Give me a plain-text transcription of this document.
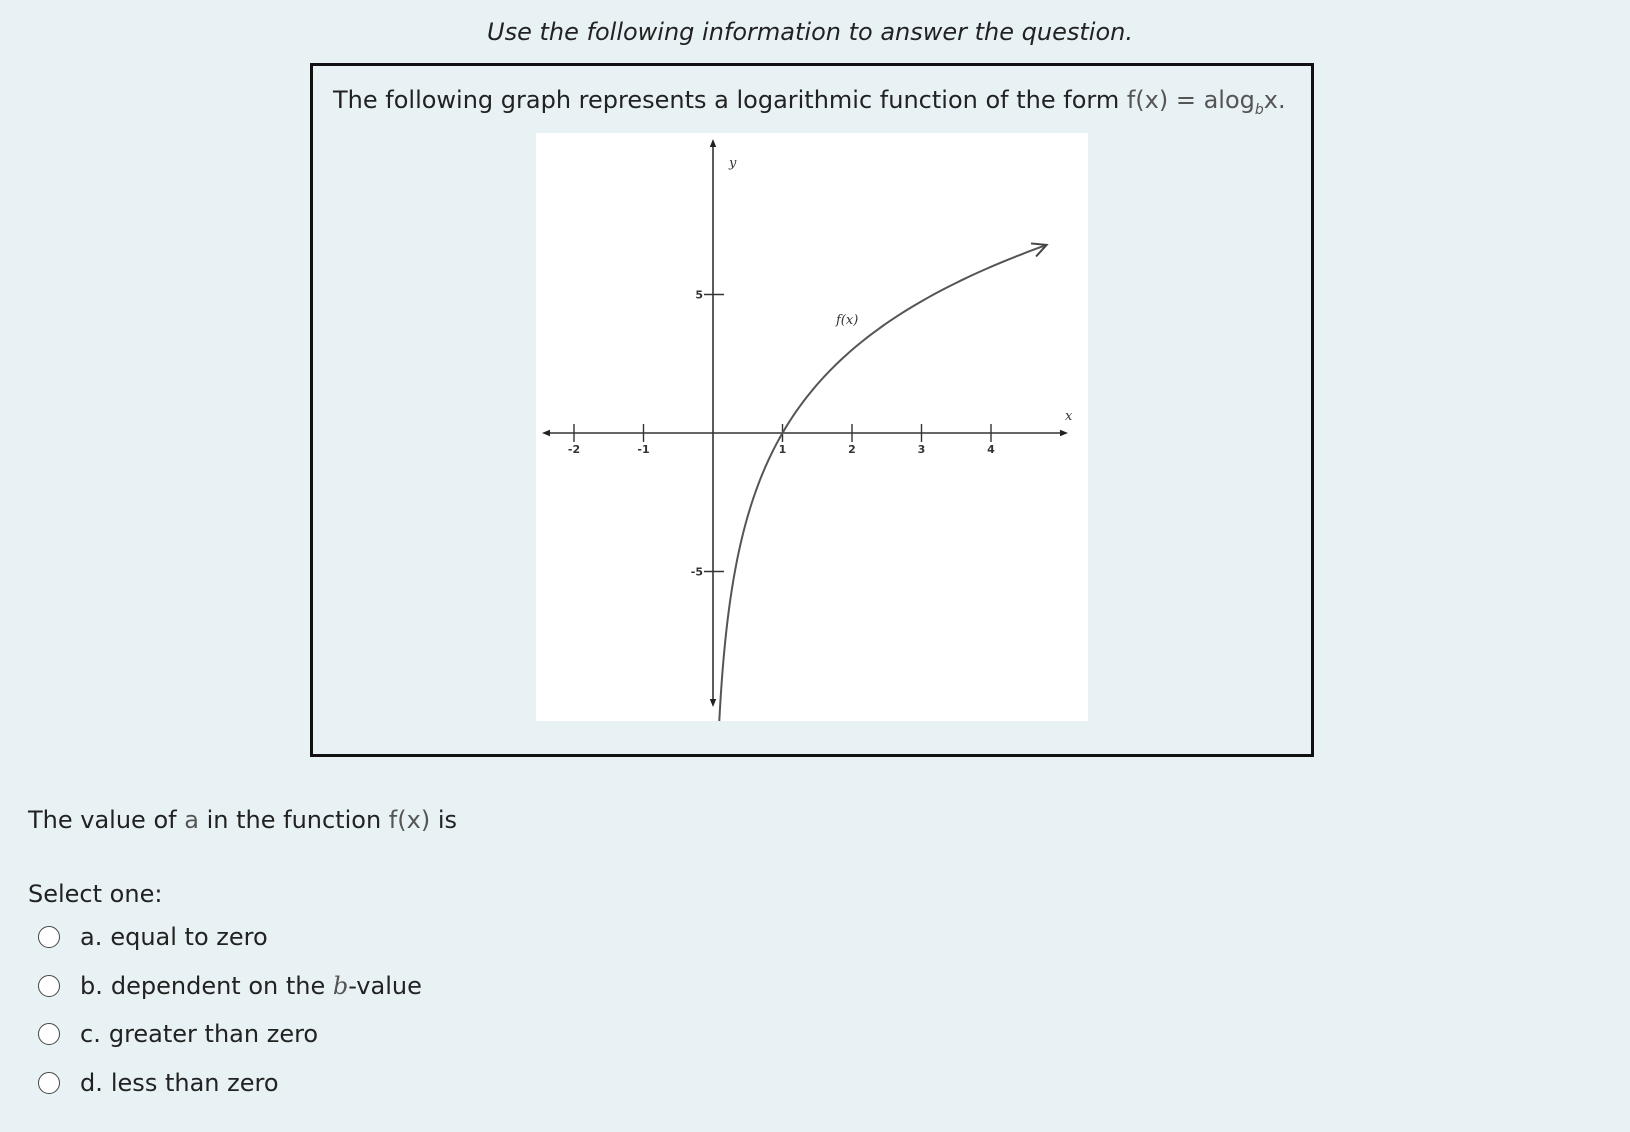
Use the following information to answer the question.
The following graph represents a logarithmic function of the form f(x) = alog$_b$x.
-2	-1	1	2	3	4
5
-5
x
y
f(x)
The value of a in the function f(x) is
Select one:
a. equal to zero
b. dependent on the
b -value
c. greater than zero
d. less than zero
